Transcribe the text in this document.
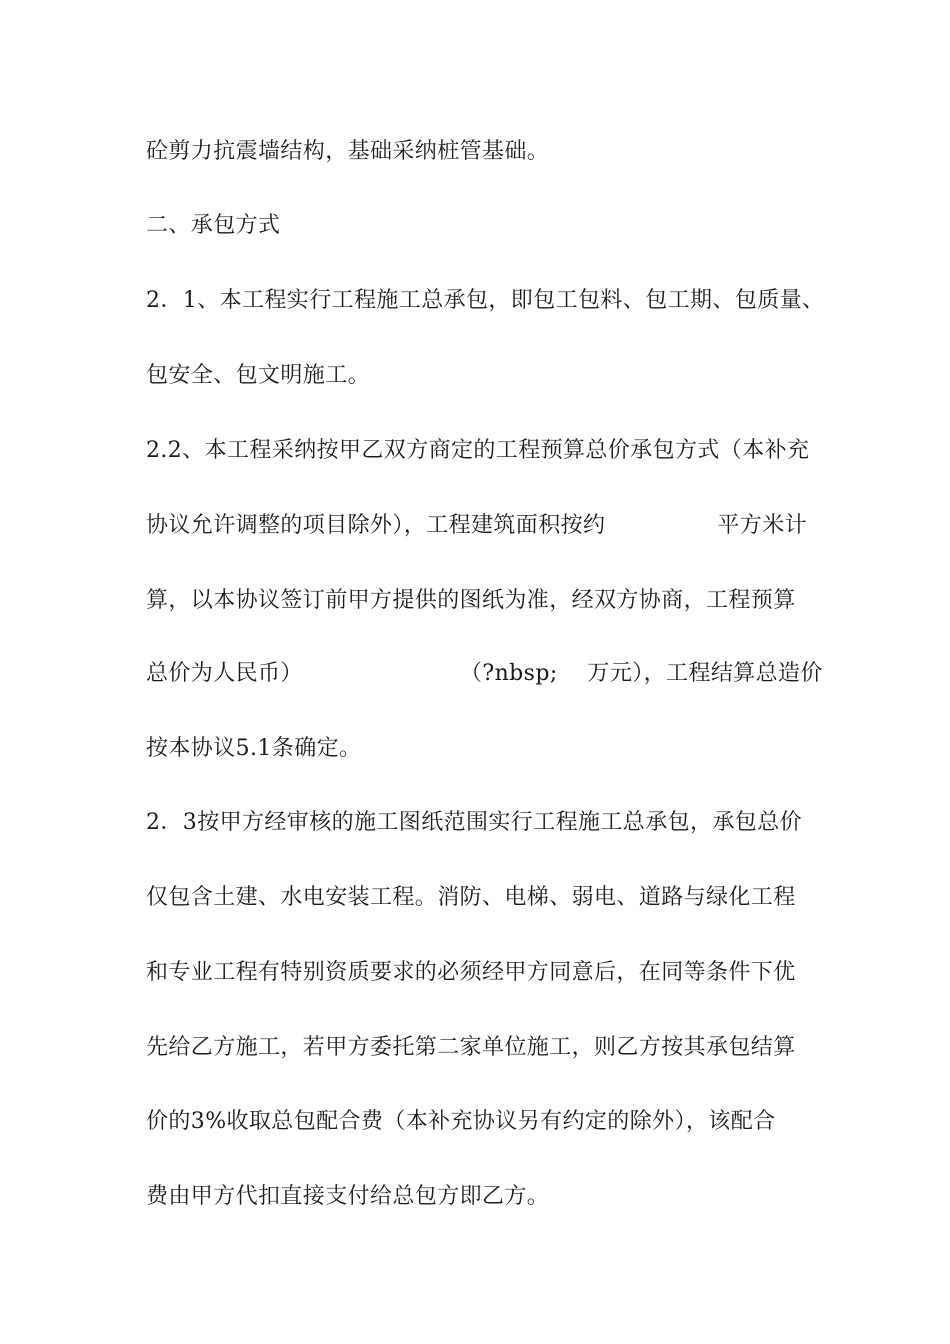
砼剪力抗震墙结构，基础采纳桩管基础。
二、承包方式
2．1、本工程实行工程施工总承包，即包工包料、包工期、包质量、
包安全、包文明施工。
2.2、本工程采纳按甲乙双方商定的工程预算总价承包方式（本补充
协议允许调整的项目除外），工程建筑面积按约　　　　　平方米计
算，以本协议签订前甲方提供的图纸为准，经双方协商，工程预算
总价为人民币）　　　　　　　　（?nbsp;　 万元），工程结算总造价
按本协议5.1条确定。
2．3按甲方经审核的施工图纸范围实行工程施工总承包，承包总价
仅包含土建、水电安装工程。消防、电梯、弱电、道路与绿化工程
和专业工程有特别资质要求的必须经甲方同意后，在同等条件下优
先给乙方施工，若甲方委托第二家单位施工，则乙方按其承包结算
价的3%收取总包配合费（本补充协议另有约定的除外），该配合
费由甲方代扣直接支付给总包方即乙方。
